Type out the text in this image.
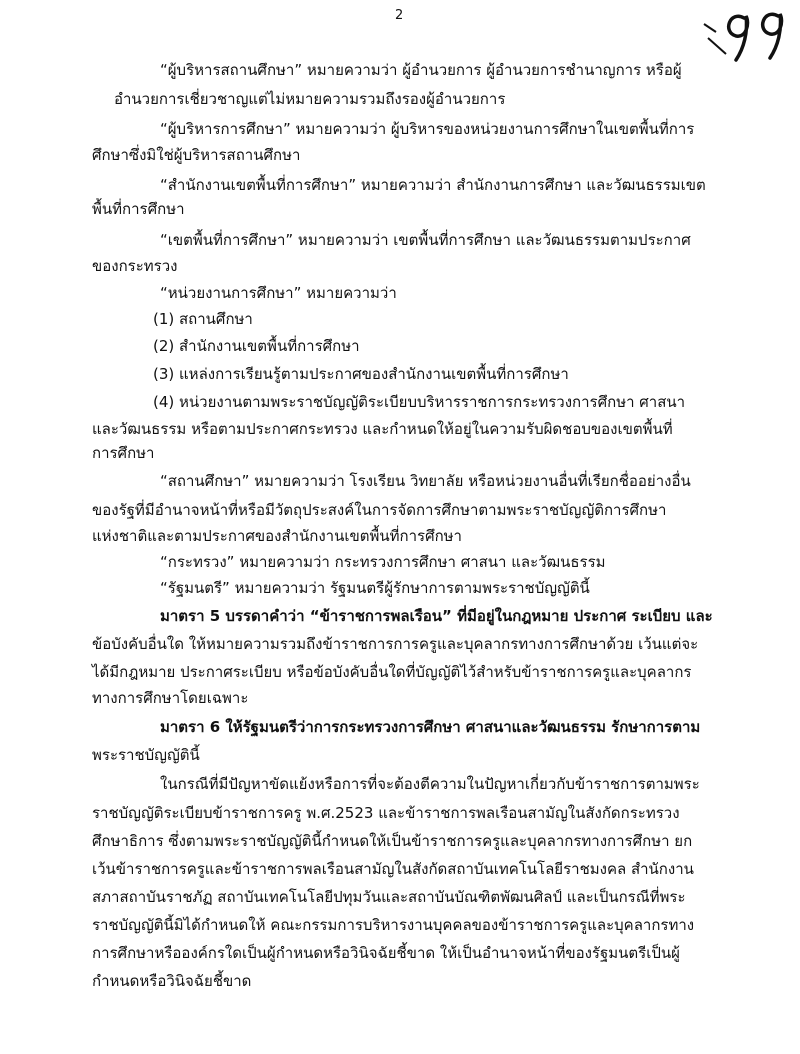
2
“ผู้บริหารสถานศึกษา” หมายความว่า ผู้อำนวยการ ผู้อำนวยการชำนาญการ หรือผู้
อำนวยการเชี่ยวชาญแต่ไม่หมายความรวมถึงรองผู้อำนวยการ
“ผู้บริหารการศึกษา” หมายความว่า ผู้บริหารของหน่วยงานการศึกษาในเขตพื้นที่การ
ศึกษาซึ่งมิใช่ผู้บริหารสถานศึกษา
“สำนักงานเขตพื้นที่การศึกษา” หมายความว่า สำนักงานการศึกษา และวัฒนธรรมเขต
พื้นที่การศึกษา
“เขตพื้นที่การศึกษา” หมายความว่า เขตพื้นที่การศึกษา และวัฒนธรรมตามประกาศ
ของกระทรวง
“หน่วยงานการศึกษา” หมายความว่า
(1) สถานศึกษา
(2) สำนักงานเขตพื้นที่การศึกษา
(3) แหล่งการเรียนรู้ตามประกาศของสำนักงานเขตพื้นที่การศึกษา
(4) หน่วยงานตามพระราชบัญญัติระเบียบบริหารราชการกระทรวงการศึกษา ศาสนา
และวัฒนธรรม หรือตามประกาศกระทรวง และกำหนดให้อยู่ในความรับผิดชอบของเขตพื้นที่
การศึกษา
“สถานศึกษา” หมายความว่า โรงเรียน วิทยาลัย หรือหน่วยงานอื่นที่เรียกชื่ออย่างอื่น
ของรัฐที่มีอำนาจหน้าที่หรือมีวัตถุประสงค์ในการจัดการศึกษาตามพระราชบัญญัติการศึกษา
แห่งชาติและตามประกาศของสำนักงานเขตพื้นที่การศึกษา
“กระทรวง” หมายความว่า กระทรวงการศึกษา ศาสนา และวัฒนธรรม
“รัฐมนตรี” หมายความว่า รัฐมนตรีผู้รักษาการตามพระราชบัญญัตินี้
มาตรา 5 บรรดาคำว่า “ข้าราชการพลเรือน” ที่มีอยู่ในกฎหมาย ประกาศ ระเบียบ และ
ข้อบังคับอื่นใด ให้หมายความรวมถึงข้าราชการการครูและบุคลากรทางการศึกษาด้วย เว้นแต่จะ
ได้มีกฎหมาย ประกาศระเบียบ หรือข้อบังคับอื่นใดที่บัญญัติไว้สำหรับข้าราชการครูและบุคลากร
ทางการศึกษาโดยเฉพาะ
มาตรา 6 ให้รัฐมนตรีว่าการกระทรวงการศึกษา ศาสนาและวัฒนธรรม รักษาการตาม
พระราชบัญญัตินี้
ในกรณีที่มีปัญหาขัดแย้งหรือการที่จะต้องตีความในปัญหาเกี่ยวกับข้าราชการตามพระ
ราชบัญญัติระเบียบข้าราชการครู พ.ศ.2523 และข้าราชการพลเรือนสามัญในสังกัดกระทรวง
ศึกษาธิการ ซึ่งตามพระราชบัญญัตินี้กำหนดให้เป็นข้าราชการครูและบุคลากรทางการศึกษา ยก
เว้นข้าราชการครูและข้าราชการพลเรือนสามัญในสังกัดสถาบันเทคโนโลยีราชมงคล สำนักงาน
สภาสถาบันราชภัฏ สถาบันเทคโนโลยีปทุมวันและสถาบันบัณฑิตพัฒนศิลป์ และเป็นกรณีที่พระ
ราชบัญญัตินี้มิได้กำหนดให้ คณะกรรมการบริหารงานบุคคลของข้าราชการครูและบุคลากรทาง
การศึกษาหรือองค์กรใดเป็นผู้กำหนดหรือวินิจฉัยชี้ขาด ให้เป็นอำนาจหน้าที่ของรัฐมนตรีเป็นผู้
กำหนดหรือวินิจฉัยชี้ขาด
